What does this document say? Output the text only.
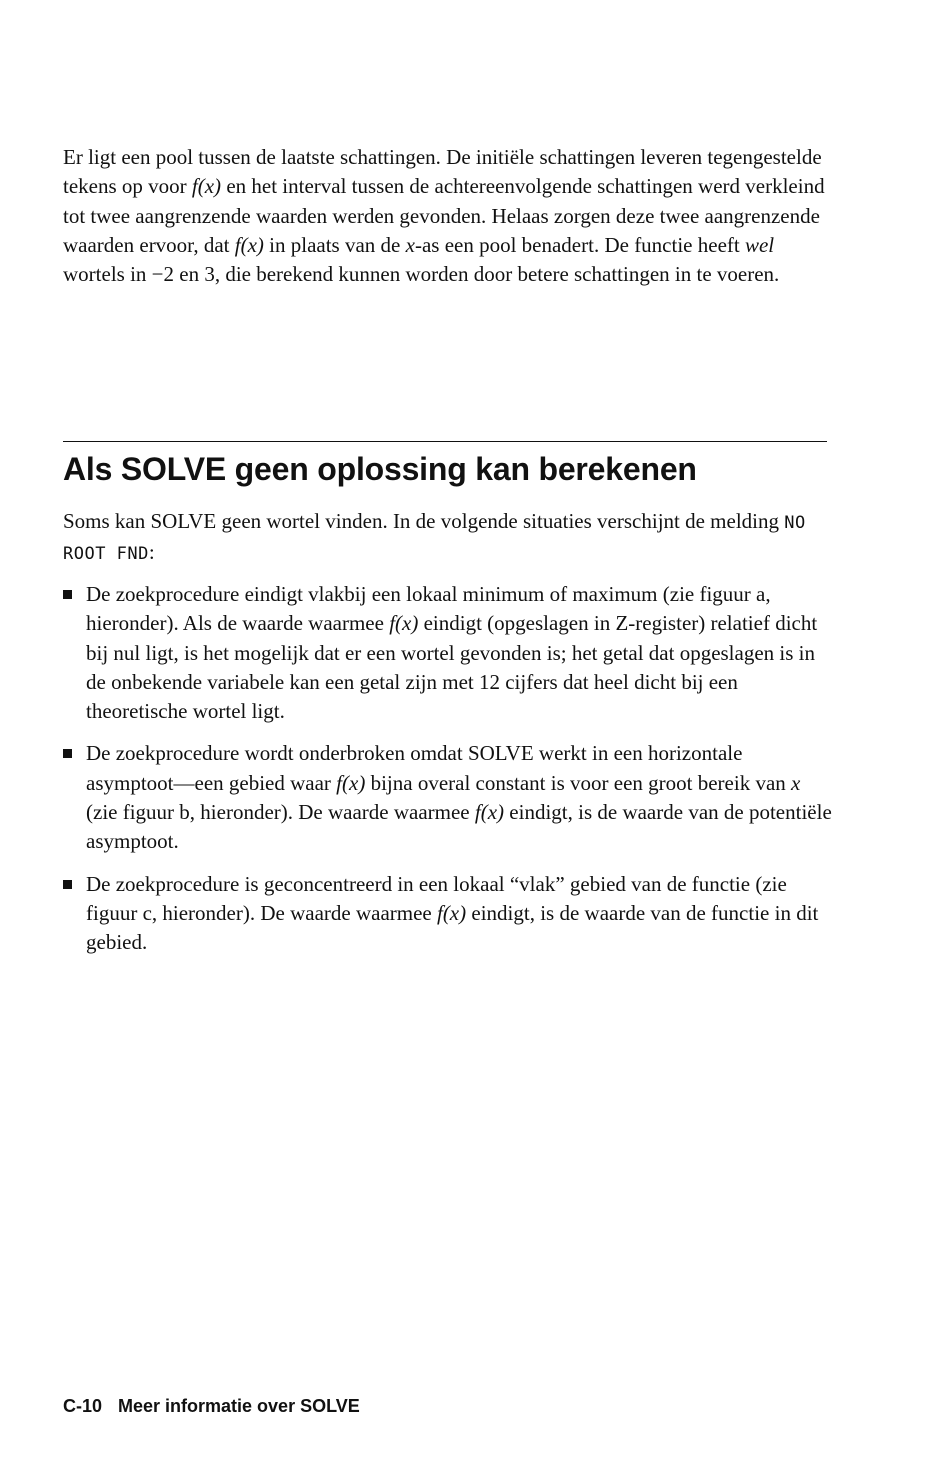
Er ligt een pool tussen de laatste schattingen. De initiële schattingen leveren tegengestelde tekens op voor f(x) en het interval tussen de achtereenvolgende schattingen werd verkleind tot twee aangrenzende waarden werden gevonden. Helaas zorgen deze twee aangrenzende waarden ervoor, dat f(x) in plaats van de x-as een pool benadert. De functie heeft wel wortels in −2 en 3, die berekend kunnen worden door betere schattingen in te voeren.

Als SOLVE geen oplossing kan berekenen

Soms kan SOLVE geen wortel vinden. In de volgende situaties verschijnt de melding NO ROOT FND:

De zoekprocedure eindigt vlakbij een lokaal minimum of maximum (zie figuur a, hieronder). Als de waarde waarmee f(x) eindigt (opgeslagen in Z-register) relatief dicht bij nul ligt, is het mogelijk dat er een wortel gevonden is; het getal dat opgeslagen is in de onbekende variabele kan een getal zijn met 12 cijfers dat heel dicht bij een theoretische wortel ligt.
De zoekprocedure wordt onderbroken omdat SOLVE werkt in een horizontale asymptoot—een gebied waar f(x) bijna overal constant is voor een groot bereik van x (zie figuur b, hieronder). De waarde waarmee f(x) eindigt, is de waarde van de potentiële asymptoot.
De zoekprocedure is geconcentreerd in een lokaal “vlak” gebied van de functie (zie figuur c, hieronder). De waarde waarmee f(x) eindigt, is de waarde van de functie in dit gebied.

C-10 Meer informatie over SOLVE
